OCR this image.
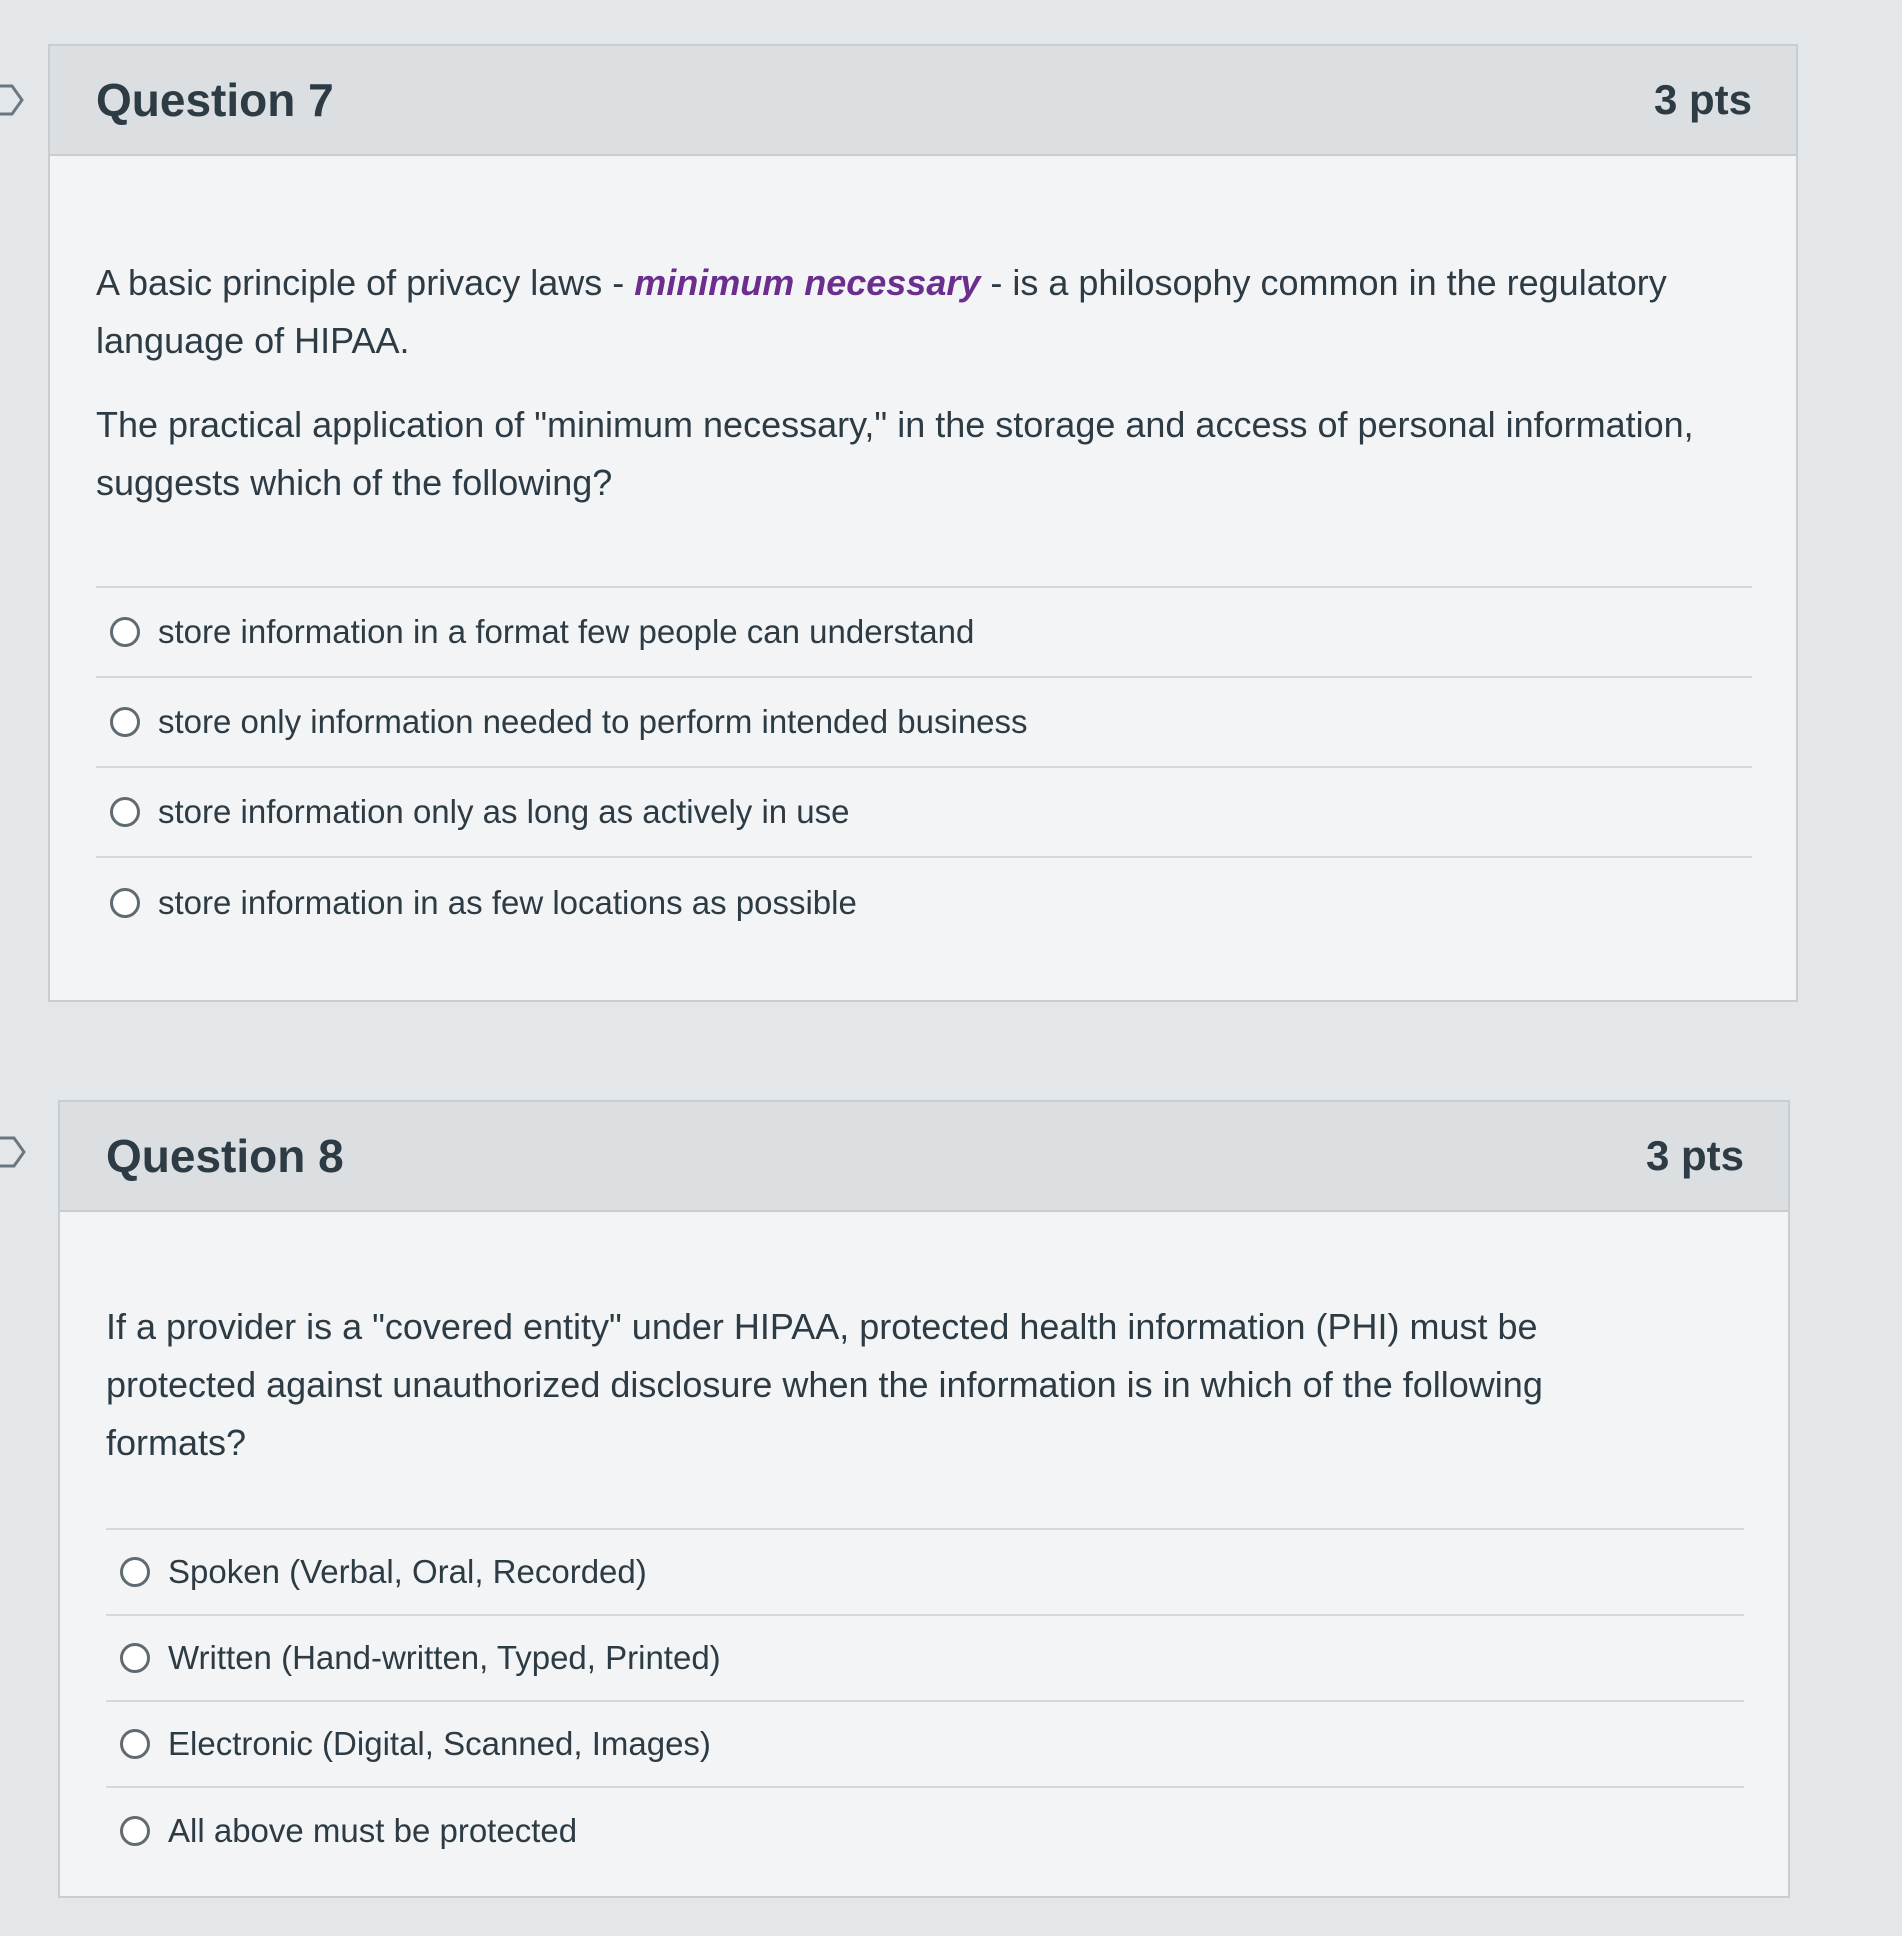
Question 7	3 pts

A basic principle of privacy laws - minimum necessary - is a philosophy common in the regulatory language of HIPAA.

The practical application of "minimum necessary," in the storage and access of personal information, suggests which of the following?

store information in a format few people can understand
store only information needed to perform intended business
store information only as long as actively in use
store information in as few locations as possible
Question 8	3 pts

If a provider is a "covered entity" under HIPAA, protected health information (PHI) must be protected against unauthorized disclosure when the information is in which of the following formats?

Spoken (Verbal, Oral, Recorded)
Written (Hand-written, Typed, Printed)
Electronic (Digital, Scanned, Images)
All above must be protected
